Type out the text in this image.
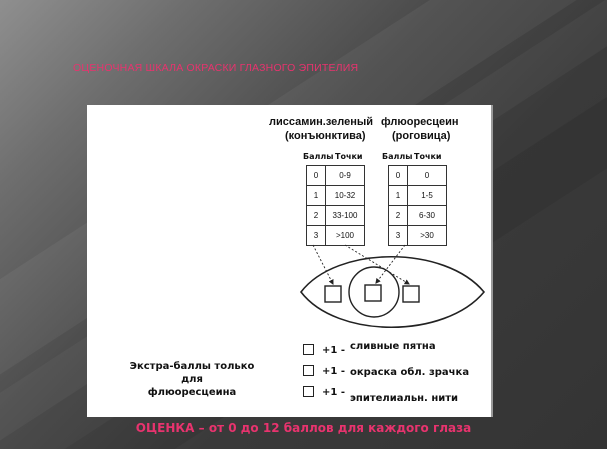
ОЦЕНОЧНАЯ ШКАЛА ОКРАСКИ ГЛАЗНОГО ЭПИТЕЛИЯ
лиссамин.зеленый
(конъюнктива)
флюоресцеин
(роговица)
Баллы Точки Баллы Точки
0	0-9
1	10-32
2	33-100
3	>100
0	0
1	1-5
2	6-30
3	>30
Экстра-баллы только для
флюоресцеина
+1 - сливные пятна
+1 - окраска обл. зрачка
+1 -
эпителиальн. нити
ОЦЕНКА – от 0 до 12 баллов для каждого глаза
